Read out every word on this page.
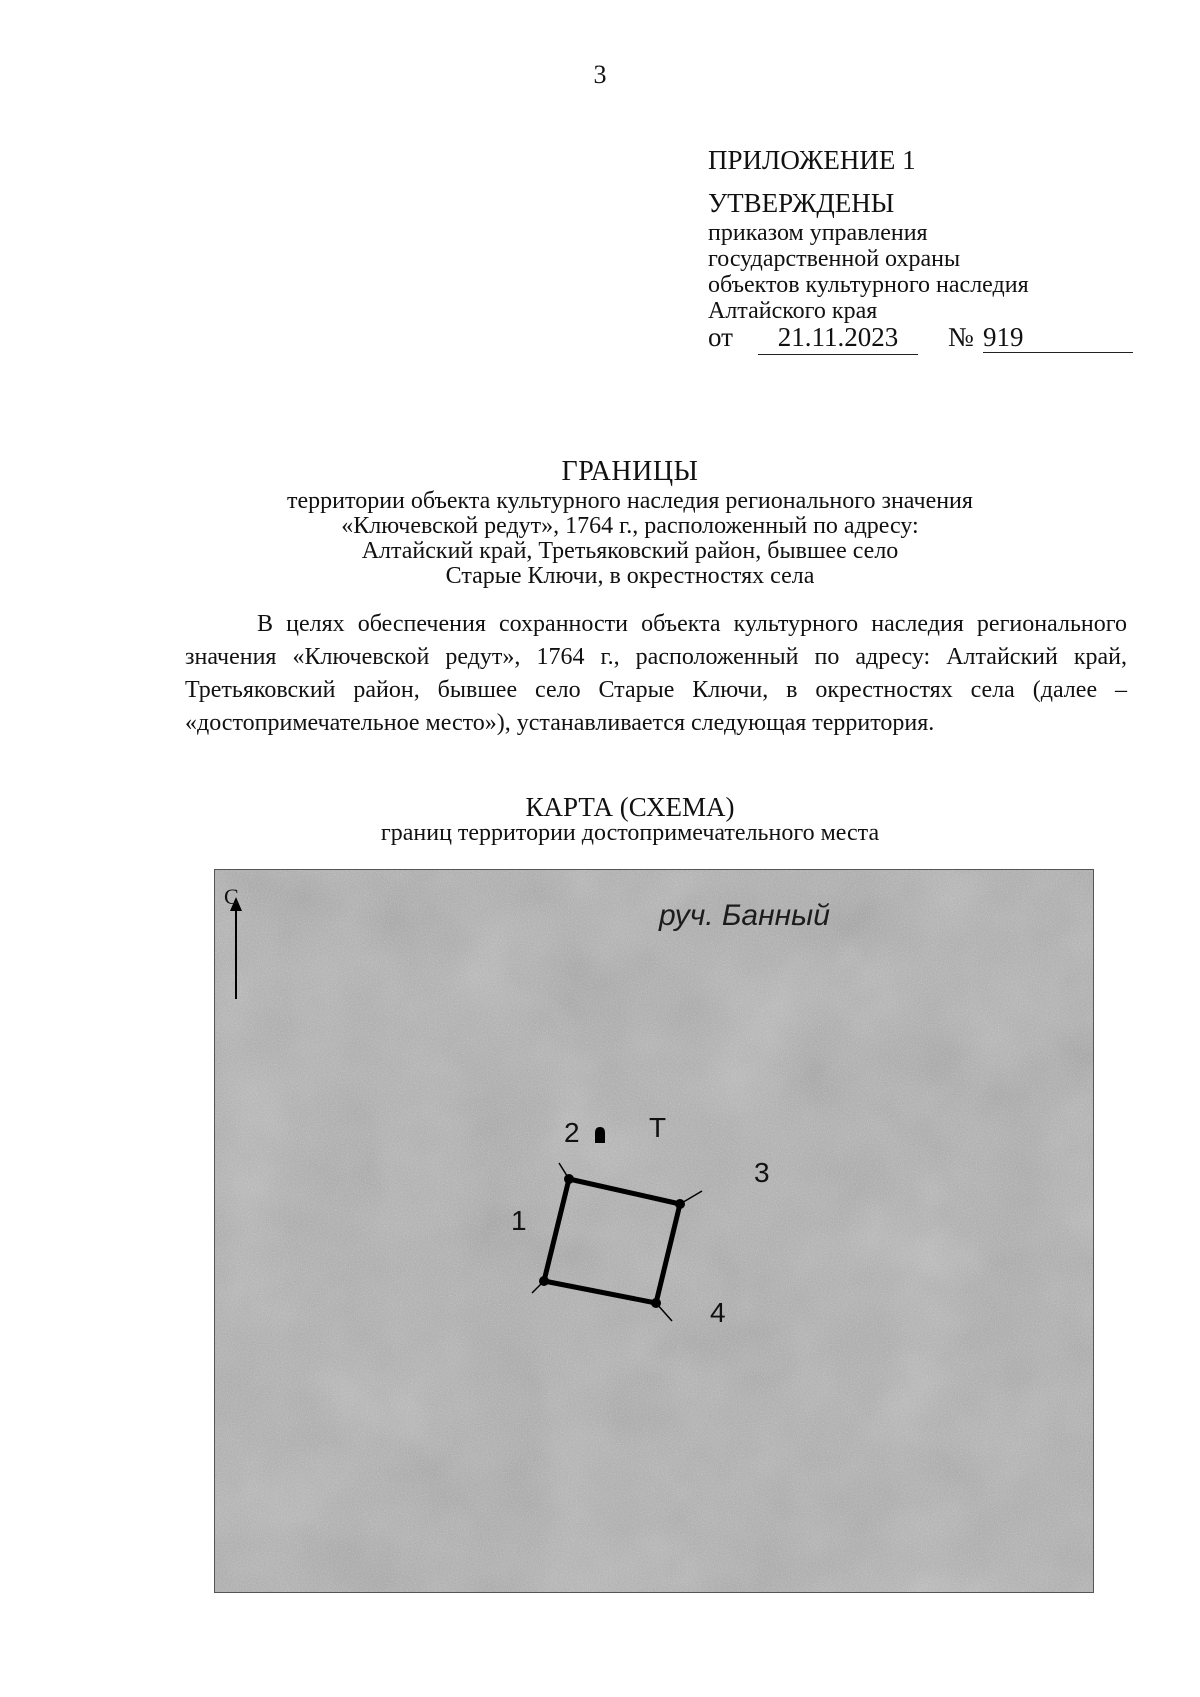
3
ПРИЛОЖЕНИЕ 1
УТВЕРЖДЕНЫ
приказом управления
государственной охраны
объектов культурного наследия
Алтайского края
от	21.11.2023	№ 919
ГРАНИЦЫ
территории объекта культурного наследия регионального значения
«Ключевской редут», 1764 г., расположенный по адресу:
Алтайский край, Третьяковский район, бывшее село
Старые Ключи, в окрестностях села

В целях обеспечения сохранности объекта культурного наследия регионального значения «Ключевской редут», 1764 г., расположенный по адресу: Алтайский край, Третьяковский район, бывшее село Старые Ключи, в окрестностях села (далее – «достопримечательное место»), устанавливается следующая территория.

КАРТА (СХЕМА)
границ территории достопримечательного места
руч. Банный
С
Т
1
2
3
4
